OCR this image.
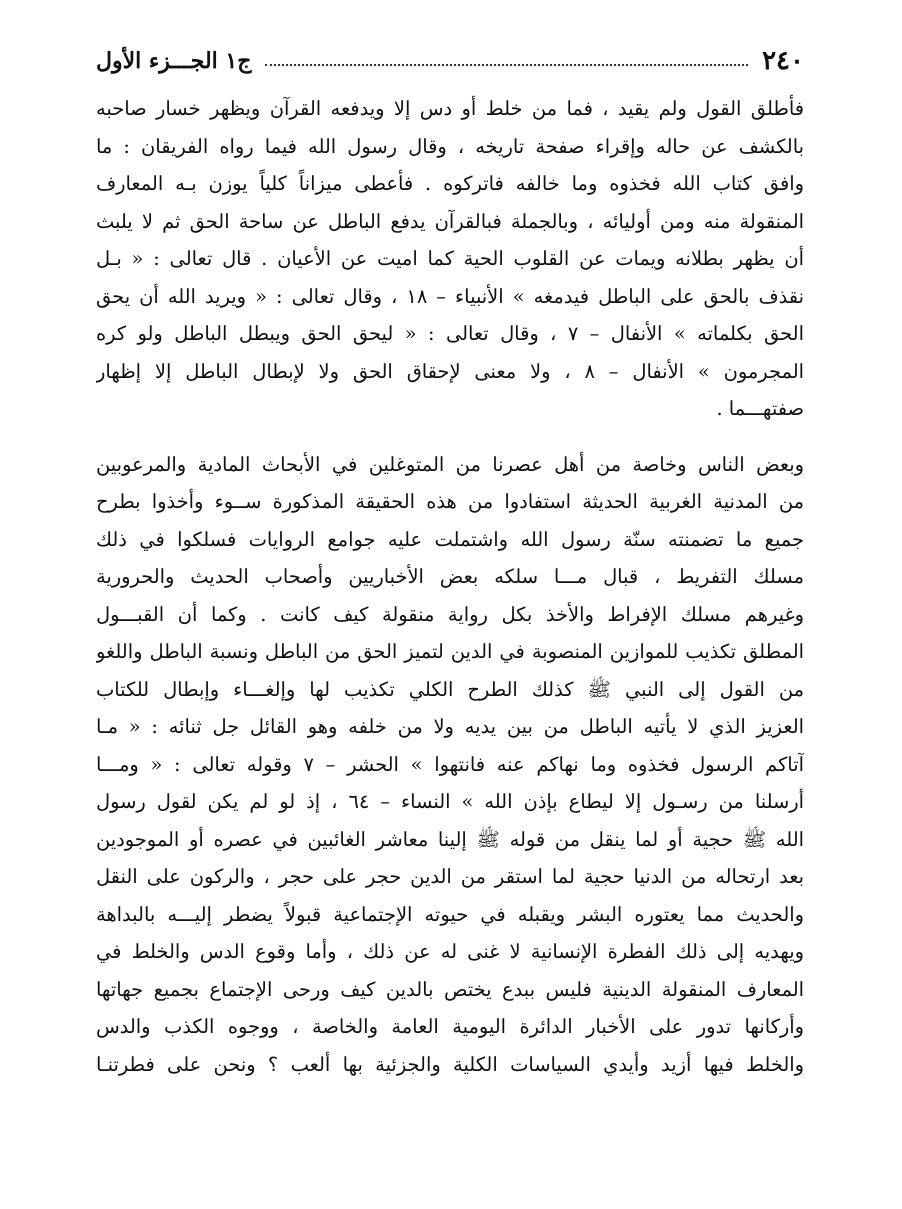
٢٤٠
ج١ الجـــزء الأول
فأطلق القول ولم يقيد ، فما من خلط أو دس إلا ويدفعه القرآن ويظهر خسار صاحبه
بالكشف عن حاله وإقراء صفحة تاريخه ، وقال رسول الله فيما رواه الفريقان : ما
وافق كتاب الله فخذوه وما خالفه فاتركوه . فأعطى ميزاناً كلياً يوزن بـه المعارف
المنقولة منه ومن أوليائه ، وبالجملة فبالقرآن يدفع الباطل عن ساحة الحق ثم لا يلبث
أن يظهر بطلانه ويمات عن القلوب الحية كما اميت عن الأعيان . قال تعالى : « بـل
نقذف بالحق على الباطل فيدمغه » الأنبياء – ١٨ ، وقال تعالى : « ويريد الله أن يحق
الحق بكلماته » الأنفال – ٧ ، وقال تعالى : « ليحق الحق ويبطل الباطل ولو كره
المجرمون » الأنفال – ٨ ، ولا معنى لإحقاق الحق ولا لإبطال الباطل إلا إظهار
صفتهـــما .
وبعض الناس وخاصة من أهل عصرنا من المتوغلين في الأبحاث المادية والمرعوبين
من المدنية الغربية الحديثة استفادوا من هذه الحقيقة المذكورة ســوء وأخذوا بطرح
جميع ما تضمنته سنّة رسول الله واشتملت عليه جوامع الروايات فسلكوا في ذلك
مسلك التفريط ، قبال مـــا سلكه بعض الأخباريين وأصحاب الحديث والحرورية
وغيرهم مسلك الإفراط والأخذ بكل رواية منقولة كيف كانت . وكما أن القبـــول
المطلق تكذيب للموازين المنصوبة في الدين لتميز الحق من الباطل ونسبة الباطل واللغو
من القول إلى النبي ﷺ كذلك الطرح الكلي تكذيب لها وإلغـــاء وإبطال للكتاب
العزيز الذي لا يأتيه الباطل من بين يديه ولا من خلفه وهو القائل جل ثنائه : « مـا
آتاكم الرسول فخذوه وما نهاكم عنه فانتهوا » الحشر – ٧ وقوله تعالى : « ومـــا
أرسلنا من رسـول إلا ليطاع بإذن الله » النساء – ٦٤ ، إذ لو لم يكن لقول رسول
الله ﷺ حجية أو لما ينقل من قوله ﷺ إلينا معاشر الغائبين في عصره أو الموجودين
بعد ارتحاله من الدنيا حجية لما استقر من الدين حجر على حجر ، والركون على النقل
والحديث مما يعتوره البشر ويقبله في حيوته الإجتماعية قبولاً يضطر إليـــه بالبداهة
ويهديه إلى ذلك الفطرة الإنسانية لا غنى له عن ذلك ، وأما وقوع الدس والخلط في
المعارف المنقولة الدينية فليس ببدع يختص بالدين كيف ورحى الإجتماع بجميع جهاتها
وأركانها تدور على الأخبار الدائرة اليومية العامة والخاصة ، ووجوه الكذب والدس
والخلط فيها أزيد وأيدي السياسات الكلية والجزئية بها ألعب ؟ ونحن على فطرتنـا
